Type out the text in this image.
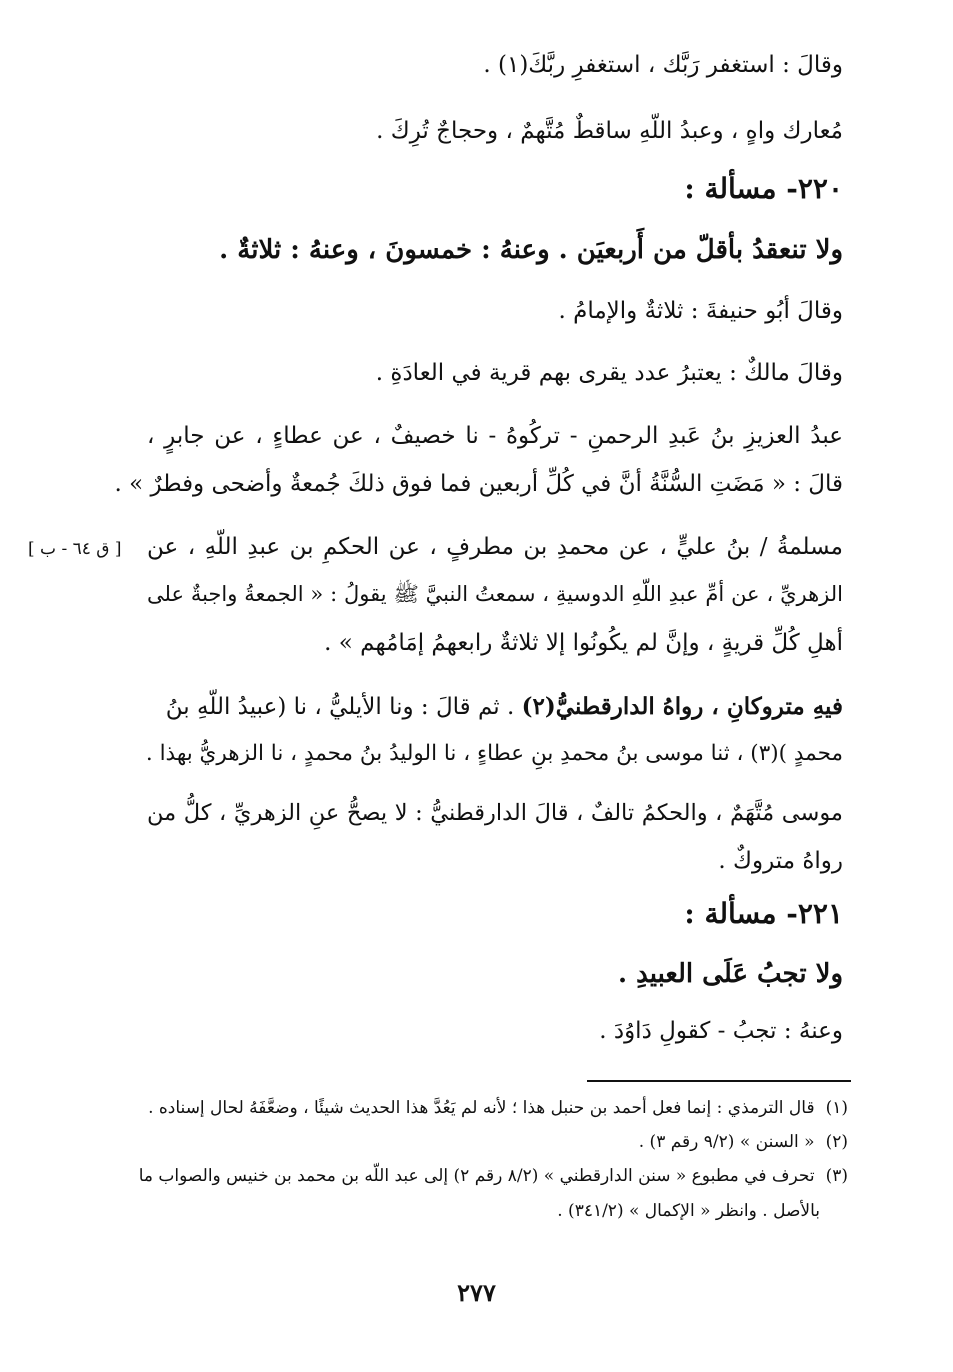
وقالَ : استغفر رَبَّك ، استغفرِ ربَّكَ(١) .
مُعارك واهٍ ، وعبدُ اللّهِ ساقطٌ مُتَّهمٌ ، وحجاجٌ تُرِكَ .
٢٢٠- مسألة :
ولا تنعقدُ بأقلّ من أَربعيَن . وعنهُ : خمسونَ ، وعنهُ : ثلاثةٌ .
وقالَ أبُو حنيفةَ : ثلاثةٌ والإمامُ .
وقالَ مالكٌ : يعتبرُ عدد يقرى بهم قرية في العادَةِ .
عبدُ العزيزِ بنُ عَبدِ الرحمنِ - تركُوهُ - نا خصيفٌ ، عن عطاءٍ ، عن جابرٍ ،
قالَ : « مَضَتِ السُّنَّةُ أنَّ في كُلِّ أربعين فما فوق ذلكَ جُمعةٌ وأضحى وفطرٌ » .
مسلمةُ / بنُ عليٍّ ، عن محمدِ بن مطرفٍ ، عن الحكمِ بن عبدِ اللّهِ ، عن
[ ق ٦٤ - ب ]
الزهريِّ ، عن أمِّ عبدِ اللّهِ الدوسيةِ ، سمعتُ النبيَّ ﷺ يقولُ : « الجمعةُ واجبةٌ على
أهلِ كُلِّ قريةٍ ، وإنَّ لم يكُونُوا إلا ثلاثةٌ رابعهمُ إمَامُهم » .
فيهِ متروكانِ ، رواهُ الدارقطنيُّ(٢) . ثم قالَ : ونا الأيليُّ ، نا (عبيدُ اللّهِ بنُ
محمدٍ )(٣) ، ثنا موسى بنُ محمدِ بنِ عطاءٍ ، نا الوليدُ بنُ محمدٍ ، نا الزهريُّ بهذا .
موسى مُتَّهَمٌ ، والحكمُ تالفٌ ، قالَ الدارقطنيُّ : لا يصحُّ عنِ الزهريِّ ، كلُّ من
رواهُ متروكٌ .
٢٢١- مسألة :
ولا تجبُ عَلَى العبيدِ .
وعنهُ : تجبُ - كقولِ دَاوُدَ .
(١) قال الترمذي : إنما فعل أحمد بن حنبل هذا ؛ لأنه لم يَعُدَّ هذا الحديث شيئًا ، وضعَّفَهُ لحال إسناده .
(٢) « السنن » (٩/٢ رقم ٣) .
(٣) تحرف في مطبوع « سنن الدارقطني » (٨/٢ رقم ٢) إلى عبد اللّه بن محمد بن خنيس والصواب ما
بالأصل . وانظر « الإكمال » (٣٤١/٢) .
٢٧٧
